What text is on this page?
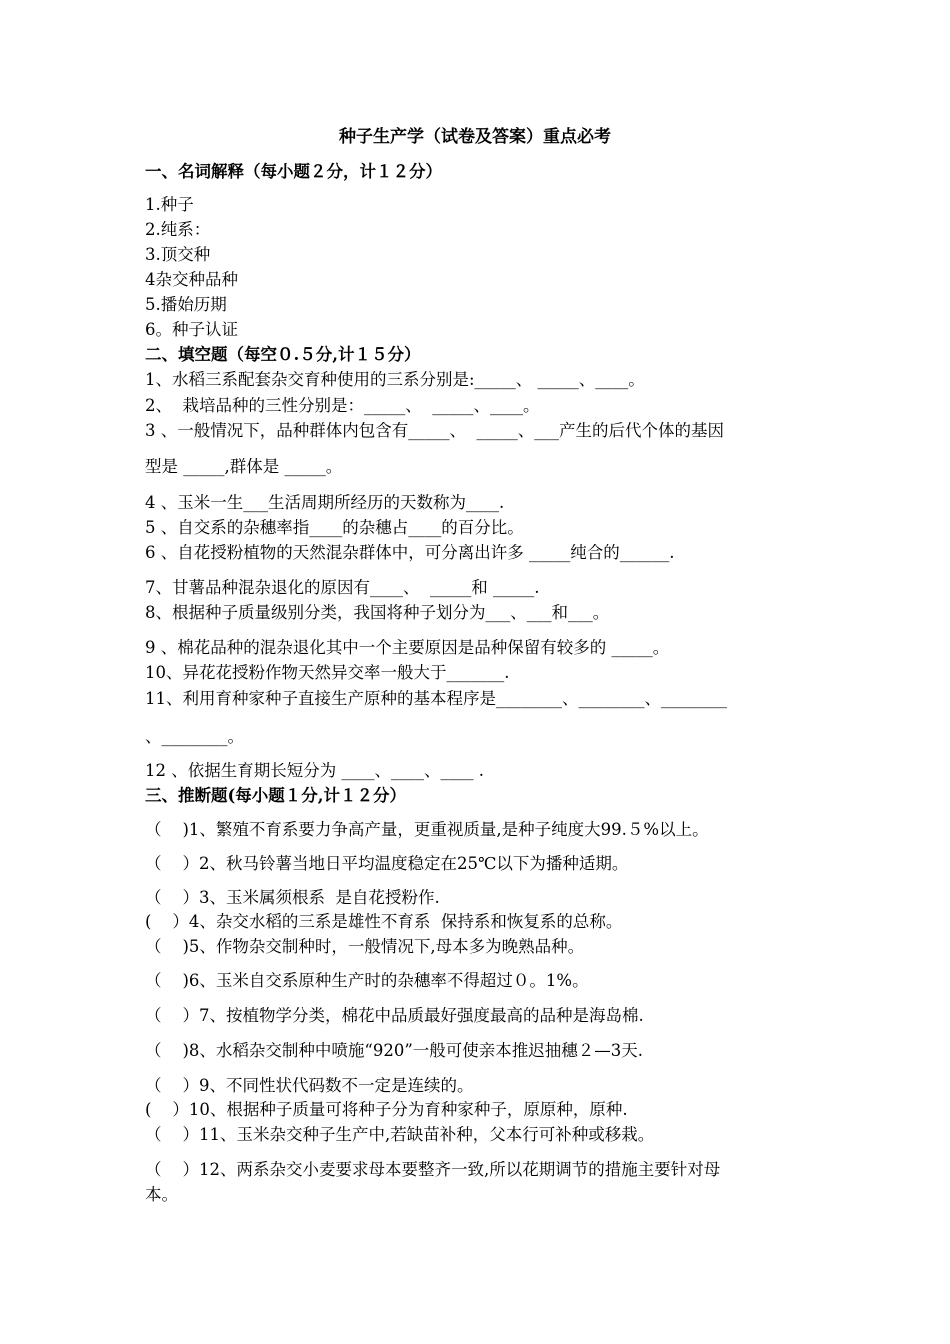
种子生产学（试卷及答案）重点必考
一、名词解释（每小题２分，计１２分）
1.种子
2.纯系：
3.顶交种
4杂交种品种
5.播始历期
6。种子认证
二、填空题（每空０.５分,计１５分）
1、水稻三系配套杂交育种使用的三系分别是:_____、 _____、____。
2、  栽培品种的三性分别是：_____、  _____、____。
3 、一般情况下，品种群体内包含有_____、  _____、___产生的后代个体的基因
型是 _____,群体是 _____。
4 、玉米一生___生活周期所经历的天数称为____.
5 、自交系的杂穗率指____的杂穗占____的百分比。
6 、自花授粉植物的天然混杂群体中，可分离出许多 _____纯合的______.
7、甘薯品种混杂退化的原因有____、  _____和 _____.
8、根据种子质量级别分类，我国将种子划分为___、___和___。
9 、棉花品种的混杂退化其中一个主要原因是品种保留有较多的 _____。
10、异花花授粉作物天然异交率一般大于_______.
11、利用育种家种子直接生产原种的基本程序是________、________、________
、________。
12 、依据生育期长短分为 ____、____、____ .
三、推断题(每小题１分,计１２分）
（    )1、繁殖不育系要力争高产量，更重视质量,是种子纯度大99.５%以上。
（    ）2、秋马铃薯当地日平均温度稳定在25℃以下为播种适期。
（    ）3、玉米属须根系  是自花授粉作.
(    ）4、杂交水稻的三系是雄性不育系  保持系和恢复系的总称。
（    )5、作物杂交制种时，一般情况下,母本多为晚熟品种。
（    )6、玉米自交系原种生产时的杂穗率不得超过０。1%。
（    ）7、按植物学分类，棉花中品质最好强度最高的品种是海岛棉.
（    )8、水稻杂交制种中喷施“920”一般可使亲本推迟抽穗２—3天.
（    ）9、不同性状代码数不一定是连续的。
(    ）10、根据种子质量可将种子分为育种家种子，原原种，原种.
（    ）11、玉米杂交种子生产中,若缺苗补种，父本行可补种或移栽。
（    ）12、两系杂交小麦要求母本要整齐一致,所以花期调节的措施主要针对母
本。
